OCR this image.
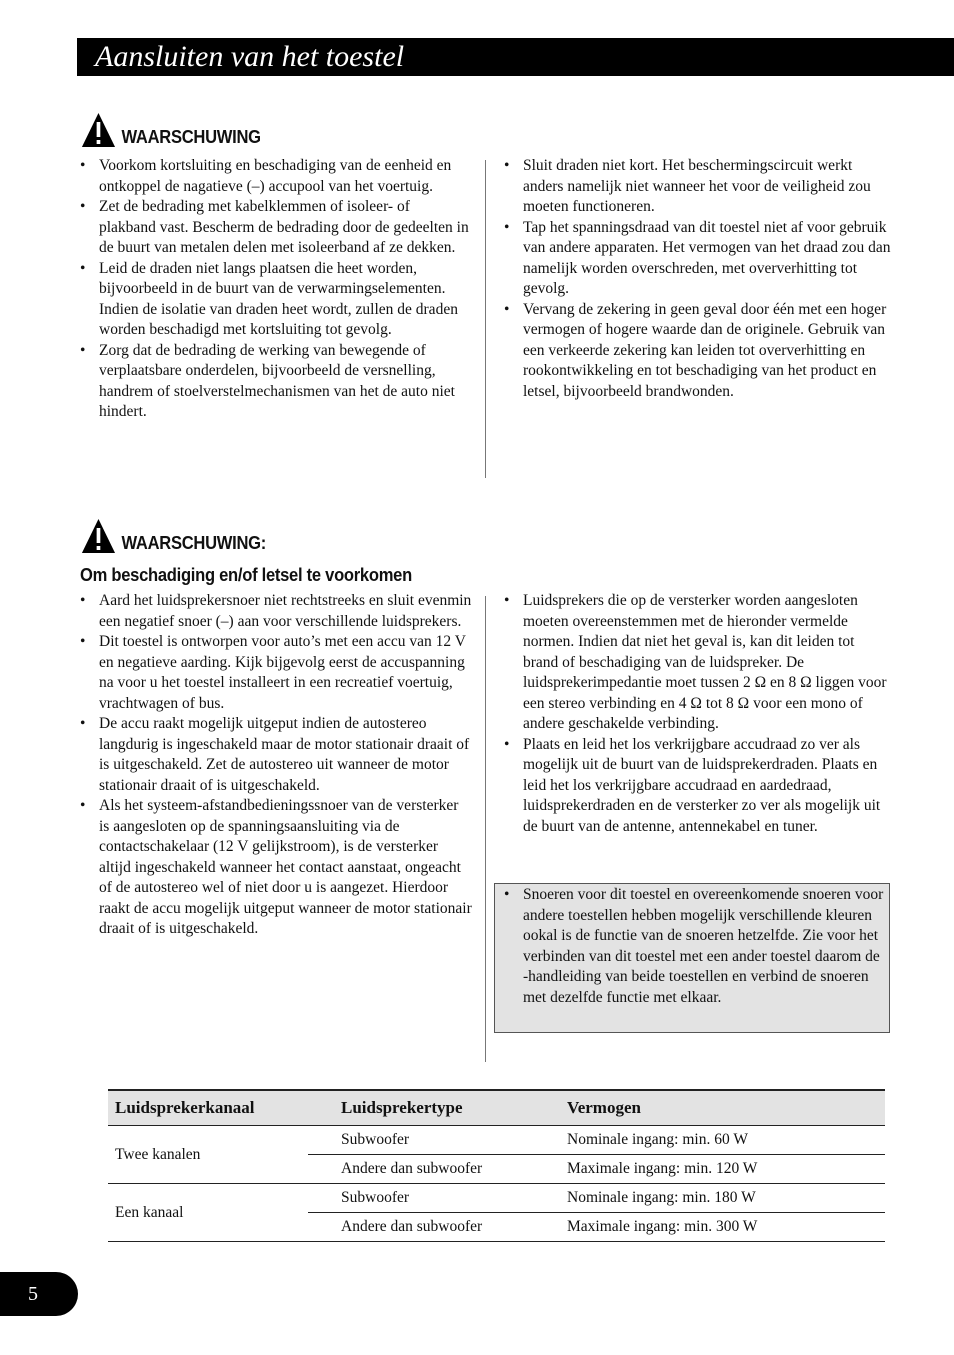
Aansluiten van het toestel
WAARSCHUWING
• Voorkom kortsluiting en beschadiging van de eenheid en ontkoppel de nagatieve (–) accupool van het voertuig.
• Zet de bedrading met kabelklemmen of isoleer- of plakband vast. Bescherm de bedrading door de gedeelten in de buurt van metalen delen met isoleerband af ze dekken.
• Leid de draden niet langs plaatsen die heet worden, bijvoorbeeld in de buurt van de verwarmingselementen. Indien de isolatie van draden heet wordt, zullen de draden worden beschadigd met kortsluiting tot gevolg.
• Zorg dat de bedrading de werking van bewegende of verplaatsbare onderdelen, bijvoorbeeld de versnelling, handrem of stoelverstelmechanismen van het de auto niet hindert.
• Sluit draden niet kort. Het beschermingscircuit werkt anders namelijk niet wanneer het voor de veiligheid zou moeten functioneren.
• Tap het spanningsdraad van dit toestel niet af voor gebruik van andere apparaten. Het vermogen van het draad zou dan namelijk worden overschreden, met oververhitting tot gevolg.
• Vervang de zekering in geen geval door één met een hoger vermogen of hogere waarde dan de originele. Gebruik van een verkeerde zekering kan leiden tot oververhitting en rookontwikkeling en tot beschadiging van het product en letsel, bijvoorbeeld brandwonden.
WAARSCHUWING:
Om beschadiging en/of letsel te voorkomen
• Aard het luidsprekersnoer niet rechtstreeks en sluit evenmin een negatief snoer (–) aan voor verschillende luidsprekers.
• Dit toestel is ontworpen voor auto’s met een accu van 12 V en negatieve aarding. Kijk bijgevolg eerst de accuspanning na voor u het toestel installeert in een recreatief voertuig, vrachtwagen of bus.
• De accu raakt mogelijk uitgeput indien de autostereo langdurig is ingeschakeld maar de motor stationair draait of is uitgeschakeld. Zet de autostereo uit wanneer de motor stationair draait of is uitgeschakeld.
• Als het systeem-afstandbedieningssnoer van de versterker is aangesloten op de spanningsaansluiting via de contactschakelaar (12 V gelijkstroom), is de versterker altijd ingeschakeld wanneer het contact aanstaat, ongeacht of de autostereo wel of niet door u is aangezet. Hierdoor raakt de accu mogelijk uitgeput wanneer de motor stationair draait of is uitgeschakeld.
• Luidsprekers die op de versterker worden aangesloten moeten overeenstemmen met de hieronder vermelde normen. Indien dat niet het geval is, kan dit leiden tot brand of beschadiging van de luidspreker. De luidsprekerimpedantie moet tussen 2 Ω en 8 Ω liggen voor een stereo verbinding en 4 Ω tot 8 Ω voor een mono of andere geschakelde verbinding.
• Plaats en leid het los verkrijgbare accudraad zo ver als mogelijk uit de buurt van de luidsprekerdraden. Plaats en leid het los verkrijgbare accudraad en aardedraad, luidsprekerdraden en de versterker zo ver als mogelijk uit de buurt van de antenne, antennekabel en tuner.
• Snoeren voor dit toestel en overeenkomende snoeren voor andere toestellen hebben mogelijk verschillende kleuren ookal is de functie van de snoeren hetzelfde. Zie voor het verbinden van dit toestel met een ander toestel daarom de -handleiding van beide toestellen en verbind de snoeren met dezelfde functie met elkaar.
Luidsprekerkanaal	Luidsprekertype	Vermogen
Twee kanalen	Subwoofer	Nominale ingang: min. 60 W
	Andere dan subwoofer	Maximale ingang: min. 120 W
Een kanaal	Subwoofer	Nominale ingang: min. 180 W
	Andere dan subwoofer	Maximale ingang: min. 300 W
5
